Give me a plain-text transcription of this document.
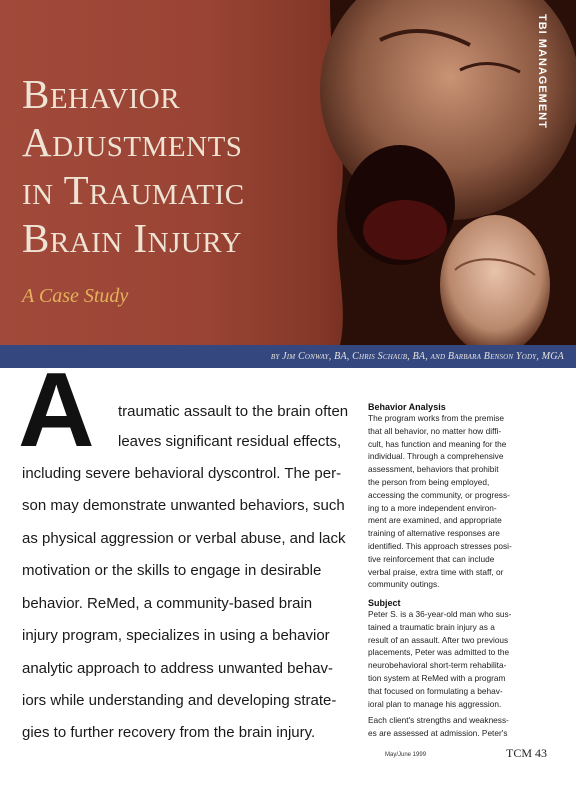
TBI MANAGEMENT
Behavior
Adjustments
in Traumatic
Brain Injury
A Case Study
by Jim Conway, BA, Chris Schaub, BA, and Barbara Benson Yody, MGA
A traumatic assault to the brain often
leaves significant residual effects,
including severe behavioral dyscontrol. The per-
son may demonstrate unwanted behaviors, such
as physical aggression or verbal abuse, and lack
motivation or the skills to engage in desirable
behavior. ReMed, a community-based brain
injury program, specializes in using a behavior
analytic approach to address unwanted behav-
iors while understanding and developing strate-
gies to further recovery from the brain injury.
Behavior Analysis
The program works from the premise
that all behavior, no matter how diffi-
cult, has function and meaning for the
individual. Through a comprehensive
assessment, behaviors that prohibit
the person from being employed,
accessing the community, or progress-
ing to a more independent environ-
ment are examined, and appropriate
training of alternative responses are
identified. This approach stresses posi-
tive reinforcement that can include
verbal praise, extra time with staff, or
community outings.
Subject
Peter S. is a 36-year-old man who sus-
tained a traumatic brain injury as a
result of an assault. After two previous
placements, Peter was admitted to the
neurobehavioral short-term rehabilita-
tion system at ReMed with a program
that focused on formulating a behav-
ioral plan to manage his aggression.
Each client's strengths and weakness-
es are assessed at admission. Peter's
May/June 1999	TCM 43
